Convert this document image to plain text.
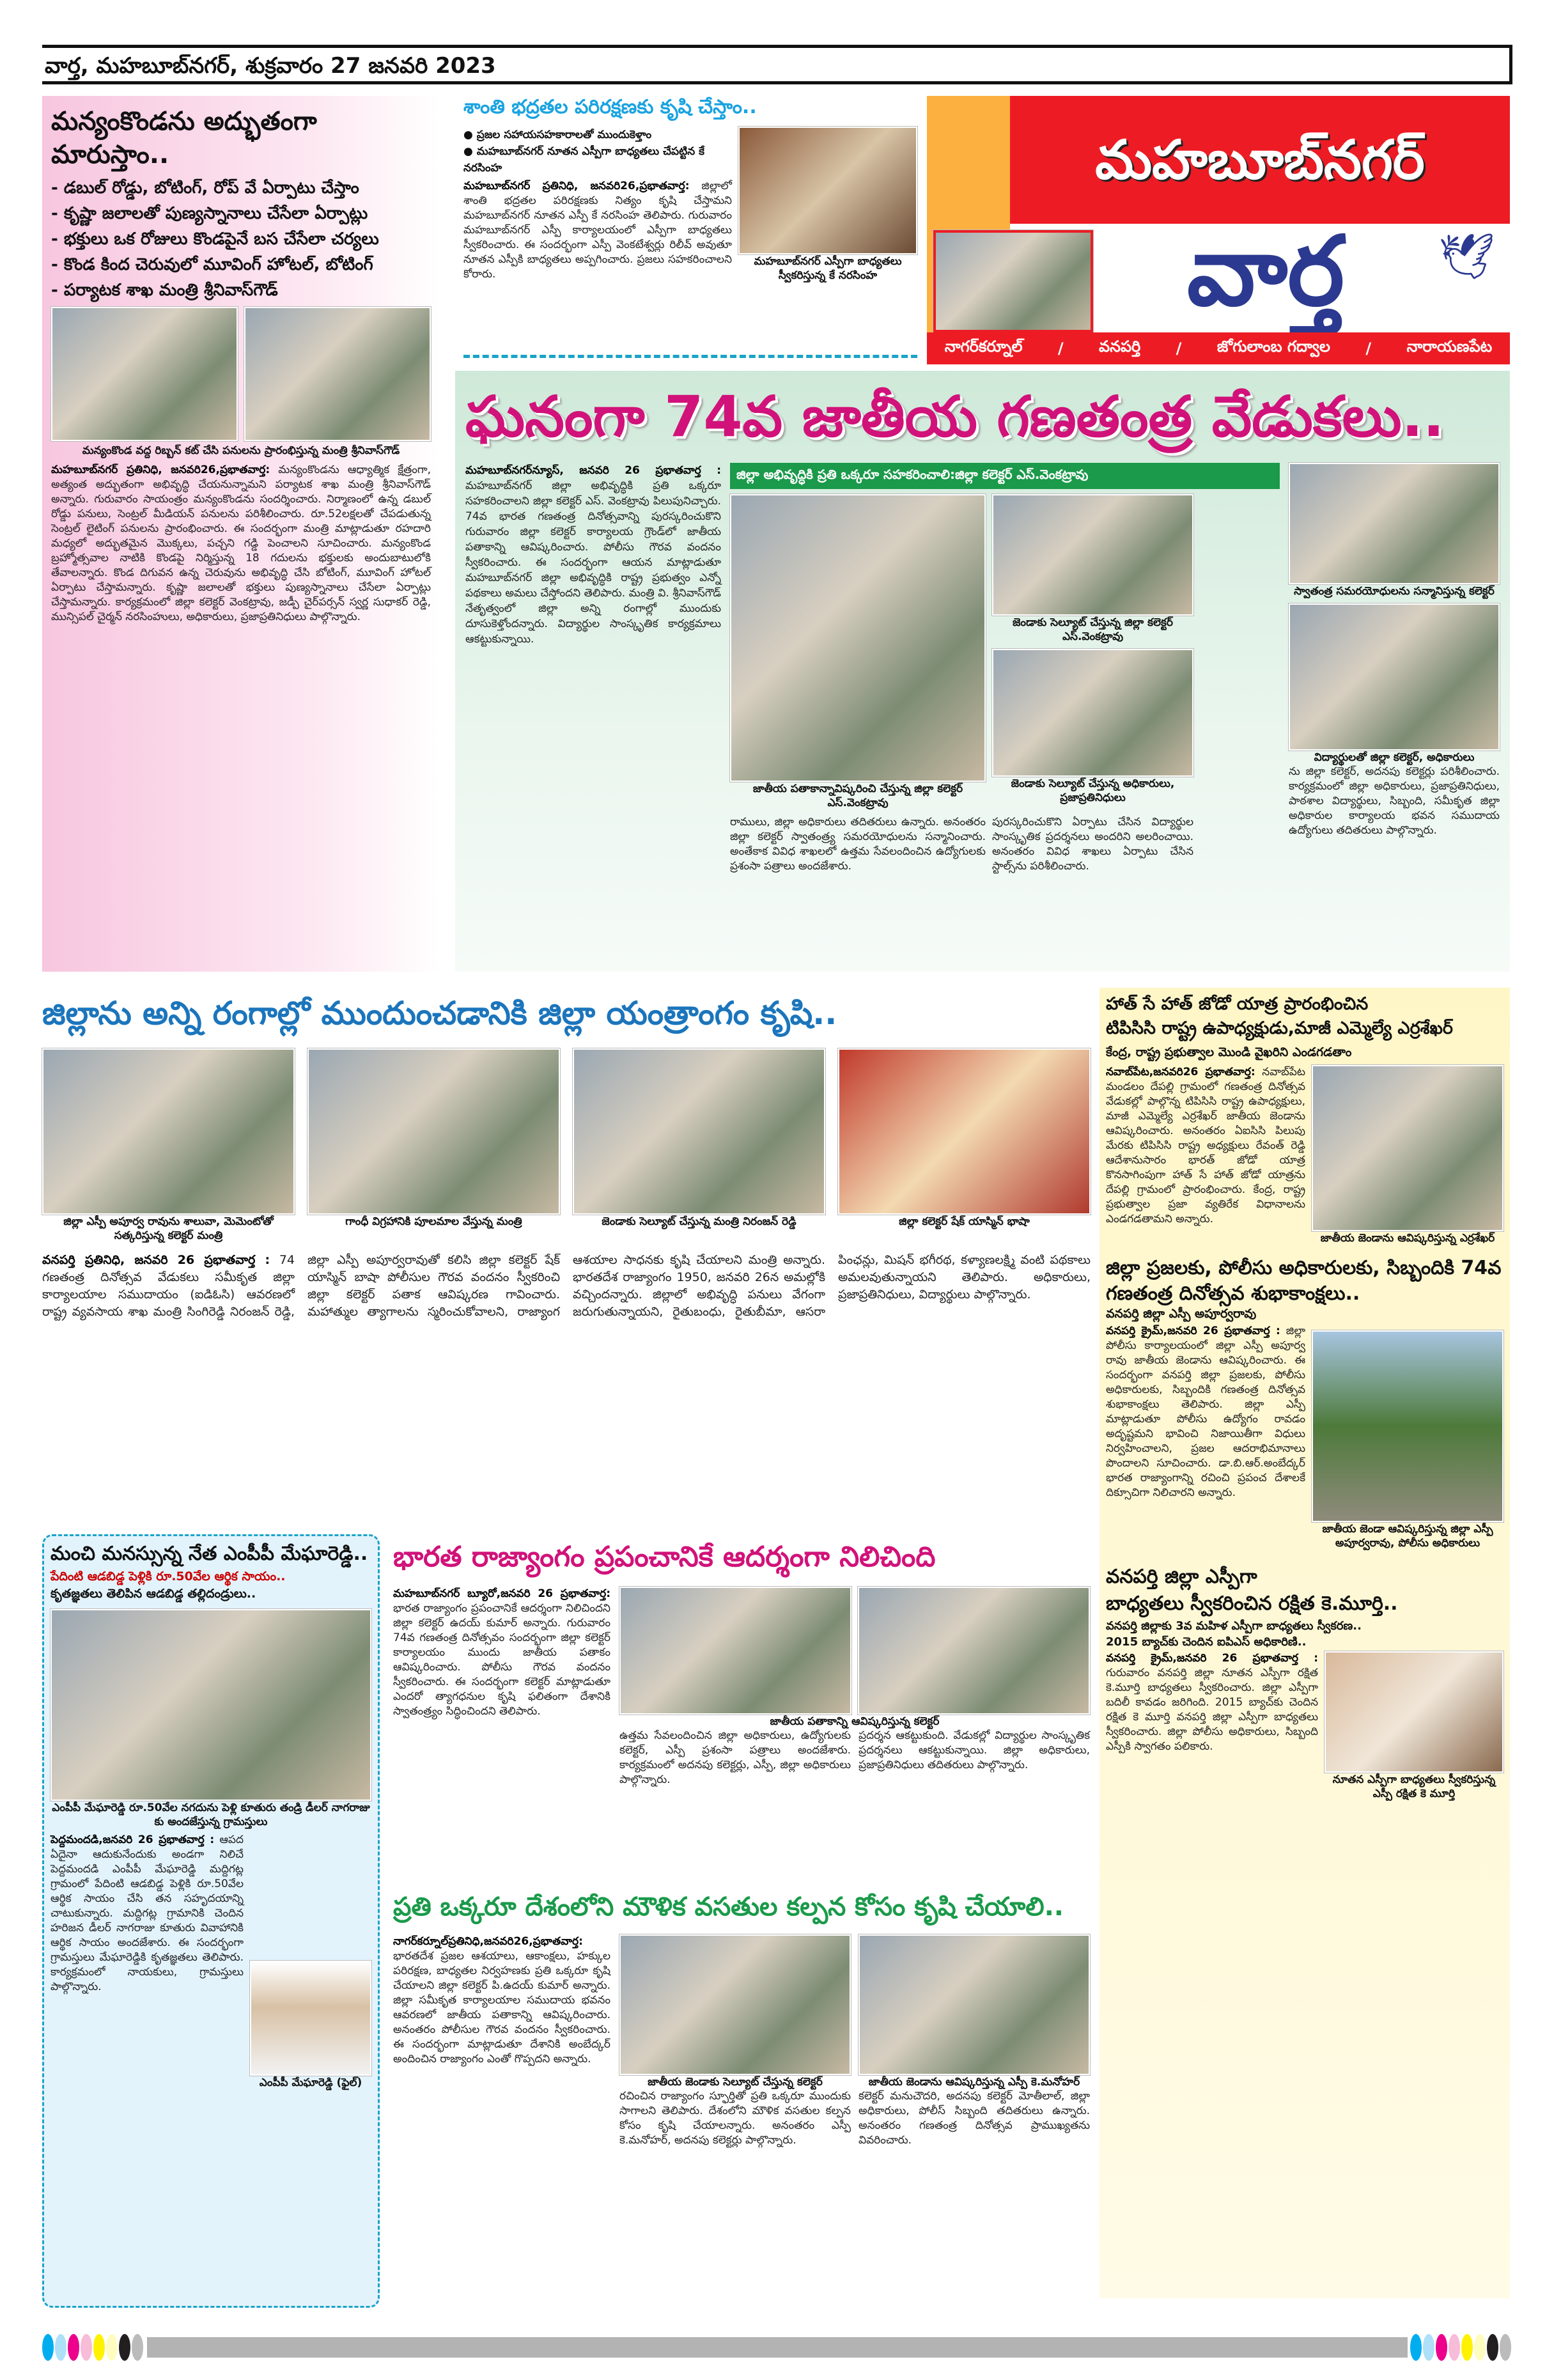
వార్త, మహబూబ్‌నగర్, శుక్రవారం 27 జనవరి 2023
మన్యంకొండను అద్భుతంగా మారుస్తాం..
- డబుల్ రోడ్డు, బోటింగ్, రోప్ వే ఏర్పాటు చేస్తాం
- కృష్ణా జలాలతో పుణ్యస్నానాలు చేసేలా ఏర్పాట్లు
- భక్తులు ఒక రోజులు కొండపైనే బస చేసేలా చర్యలు
- కొండ కింద చెరువులో మూవింగ్ హోటల్, బోటింగ్
- పర్యాటక శాఖ మంత్రి శ్రీనివాస్‌గౌడ్
మన్యంకొండ వద్ద రిబ్బన్ కట్ చేసి పనులను ప్రారంభిస్తున్న మంత్రి శ్రీనివాస్‌గౌడ్
మహబూబ్‌నగర్ ప్రతినిధి, జనవరి26,ప్రభాతవార్త: మన్యంకొండను ఆధ్యాత్మిక క్షేత్రంగా, అత్యంత అద్భుతంగా అభివృద్ధి చేయనున్నామని పర్యాటక శాఖ మంత్రి శ్రీనివాస్‌గౌడ్ అన్నారు. గురువారం సాయంత్రం మన్యంకొండను సందర్శించారు. నిర్మాణంలో ఉన్న డబుల్ రోడ్డు పనులు, సెంట్రల్ మీడియన్ పనులను పరిశీలించారు. రూ.52లక్షలతో చేపడుతున్న సెంట్రల్ లైటింగ్ పనులను ప్రారంభించారు. ఈ సందర్భంగా మంత్రి మాట్లాడుతూ రహదారి మధ్యలో అద్భుతమైన మొక్కలు, పచ్చని గడ్డి పెంచాలని సూచించారు. మన్యంకొండ బ్రహ్మోత్సవాల నాటికి కొండపై నిర్మిస్తున్న 18 గదులను భక్తులకు అందుబాటులోకి తేవాలన్నారు. కొండ దిగువన ఉన్న చెరువును అభివృద్ధి చేసి బోటింగ్, మూవింగ్ హోటల్ ఏర్పాటు చేస్తామన్నారు. కృష్ణా జలాలతో భక్తులు పుణ్యస్నానాలు చేసేలా ఏర్పాట్లు చేస్తామన్నారు. కార్యక్రమంలో జిల్లా కలెక్టర్ వెంకట్రావు, జడ్పీ చైర్‌పర్సన్ స్వర్ణ సుధాకర్ రెడ్డి, మున్సిపల్ చైర్మన్ నరసింహులు, అధికారులు, ప్రజాప్రతినిధులు పాల్గొన్నారు.
శాంతి భద్రతల పరిరక్షణకు కృషి చేస్తాం..
● ప్రజల సహాయసహకారాలతో ముందుకెళ్తాం
● మహబూబ్‌నగర్ నూతన ఎస్పీగా బాధ్యతలు చేపట్టిన కే నరసింహ
మహబూబ్‌నగర్ ప్రతినిధి, జనవరి26,ప్రభాతవార్త: జిల్లాలో శాంతి భద్రతల పరిరక్షణకు నిత్యం కృషి చేస్తామని మహబూబ్‌నగర్ నూతన ఎస్పీ కే నరసింహ తెలిపారు. గురువారం మహబూబ్‌నగర్ ఎస్పీ కార్యాలయంలో ఎస్పీగా బాధ్యతలు స్వీకరించారు. ఈ సందర్భంగా ఎస్పీ వెంకటేశ్వర్లు రిలీవ్ అవుతూ నూతన ఎస్పీకి బాధ్యతలు అప్పగించారు. ప్రజలు సహకరించాలని కోరారు.
మహబూబ్‌నగర్ ఎస్పీగా బాధ్యతలు స్వీకరిస్తున్న కే నరసింహ
మహబూబ్‌నగర్
వార్త	🕊
నాగర్‌కర్నూల్ / వనపర్తి / జోగులాంబ గద్వాల / నారాయణపేట
ఘనంగా 74వ జాతీయ గణతంత్ర వేడుకలు..
మహబూబ్‌నగర్‌న్యూస్, జనవరి 26 ప్రభాతవార్త : మహబూబ్‌నగర్ జిల్లా అభివృద్ధికి ప్రతి ఒక్కరూ సహకరించాలని జిల్లా కలెక్టర్ ఎస్. వెంకట్రావు పిలుపునిచ్చారు. 74వ భారత గణతంత్ర దినోత్సవాన్ని పురస్కరించుకొని గురువారం జిల్లా కలెక్టర్ కార్యాలయ గ్రౌండ్‌లో జాతీయ పతాకాన్ని ఆవిష్కరించారు. పోలీసు గౌరవ వందనం స్వీకరించారు. ఈ సందర్భంగా ఆయన మాట్లాడుతూ మహబూబ్‌నగర్ జిల్లా అభివృద్ధికి రాష్ట్ర ప్రభుత్వం ఎన్నో పథకాలు అమలు చేస్తోందని తెలిపారు. మంత్రి వి. శ్రీనివాస్‌గౌడ్ నేతృత్వంలో జిల్లా అన్ని రంగాల్లో ముందుకు దూసుకెళ్తోందన్నారు. విద్యార్థుల సాంస్కృతిక కార్యక్రమాలు ఆకట్టుకున్నాయి.
జిల్లా అభివృద్ధికి ప్రతి ఒక్కరూ సహకరించాలి:జిల్లా కలెక్టర్ ఎస్.వెంకట్రావు
జాతీయ పతాకాన్నావిష్కరించి చేస్తున్న జిల్లా కలెక్టర్ ఎస్.వెంకట్రావు
జెండాకు సెల్యూట్ చేస్తున్న జిల్లా కలెక్టర్ ఎస్.వెంకట్రావు
జెండాకు సెల్యూట్ చేస్తున్న అధికారులు, ప్రజాప్రతినిధులు
రాములు, జిల్లా అధికారులు తదితరులు ఉన్నారు. అనంతరం జిల్లా కలెక్టర్ స్వాతంత్ర్య సమరయోధులను సన్మానించారు. అంతేకాక వివిధ శాఖలలో ఉత్తమ సేవలందించిన ఉద్యోగులకు ప్రశంసా పత్రాలు అందజేశారు.
పురస్కరించుకొని ఏర్పాటు చేసిన విద్యార్థుల సాంస్కృతిక ప్రదర్శనలు అందరిని అలరించాయి. అనంతరం వివిధ శాఖలు ఏర్పాటు చేసిన స్టాల్స్‌ను పరిశీలించారు.
స్వాతంత్ర సమరయోధులను సన్మానిస్తున్న కలెక్టర్
విద్యార్థులతో జిల్లా కలెక్టర్, అధికారులు
ను జిల్లా కలెక్టర్, అదనపు కలెక్టర్లు పరిశీలించారు. కార్యక్రమంలో జిల్లా అధికారులు, ప్రజాప్రతినిధులు, పాఠశాల విద్యార్థులు, సిబ్బంది, సమీకృత జిల్లా అధికారుల కార్యాలయ భవన సముదాయ ఉద్యోగులు తదితరులు పాల్గొన్నారు.
జిల్లాను అన్ని రంగాల్లో ముందుంచడానికి జిల్లా యంత్రాంగం కృషి..
జిల్లా ఎస్పీ అపూర్వ రావును శాలువా, మెమెంటోతో సత్కరిస్తున్న కలెక్టర్ మంత్రి
గాంధీ విగ్రహానికి పూలమాల వేస్తున్న మంత్రి	జెండాకు సెల్యూట్ చేస్తున్న మంత్రి నిరంజన్ రెడ్డి	జిల్లా కలెక్టర్ షేక్ యాస్మిన్ భాషా
వనపర్తి ప్రతినిధి, జనవరి 26 ప్రభాతవార్త : 74 గణతంత్ర దినోత్సవ వేడుకలు సమీకృత జిల్లా కార్యాలయాల సముదాయం (ఐడిఓసి) ఆవరణలో రాష్ట్ర వ్యవసాయ శాఖ మంత్రి సింగిరెడ్డి నిరంజన్ రెడ్డి, జిల్లా ఎస్పీ అపూర్వరావుతో కలిసి జిల్లా కలెక్టర్ షేక్ యాస్మిన్ బాషా పోలీసుల గౌరవ వందనం స్వీకరించి జిల్లా కలెక్టర్ పతాక ఆవిష్కరణ గావించారు. మహాత్ముల త్యాగాలను స్మరించుకోవాలని, రాజ్యాంగ ఆశయాల సాధనకు కృషి చేయాలని మంత్రి అన్నారు. భారతదేశ రాజ్యాంగం 1950, జనవరి 26న అమల్లోకి వచ్చిందన్నారు. జిల్లాలో అభివృద్ధి పనులు వేగంగా జరుగుతున్నాయని, రైతుబంధు, రైతుబీమా, ఆసరా పింఛన్లు, మిషన్ భగీరథ, కళ్యాణలక్ష్మి వంటి పథకాలు అమలవుతున్నాయని తెలిపారు. అధికారులు, ప్రజాప్రతినిధులు, విద్యార్థులు పాల్గొన్నారు.
హాత్ సే హాత్ జోడో యాత్ర ప్రారంభించిన
టిపిసిసి రాష్ట్ర ఉపాధ్యక్షుడు,మాజీ ఎమ్మెల్యే ఎర్రశేఖర్
కేంద్ర, రాష్ట్ర ప్రభుత్వాల మొండి వైఖరిని ఎండగడతాం
నవాబ్‌పేట,జనవరి26 ప్రభాతవార్త: నవాబ్‌పేట మండలం దేపల్లి గ్రామంలో గణతంత్ర దినోత్సవ వేడుకల్లో పాల్గొన్న టిపిసిసి రాష్ట్ర ఉపాధ్యక్షులు, మాజీ ఎమ్మెల్యే ఎర్రశేఖర్ జాతీయ జెండాను ఆవిష్కరించారు. అనంతరం ఏఐసిసి పిలుపు మేరకు టిపిసిసి రాష్ట్ర అధ్యక్షులు రేవంత్ రెడ్డి ఆదేశానుసారం భారత్ జోడో యాత్ర కొనసాగింపుగా హాత్ సే హాత్ జోడో యాత్రను దేపల్లి గ్రామంలో ప్రారంభించారు. కేంద్ర, రాష్ట్ర ప్రభుత్వాల ప్రజా వ్యతిరేక విధానాలను ఎండగడతామని అన్నారు.
జాతీయ జెండాను ఆవిష్కరిస్తున్న ఎర్రశేఖర్
జిల్లా ప్రజలకు, పోలీసు అధికారులకు, సిబ్బందికి 74వ గణతంత్ర దినోత్సవ శుభాకాంక్షలు..
వనపర్తి జిల్లా ఎస్పీ అపూర్వరావు
వనపర్తి క్రైమ్,జనవరి 26 ప్రభాతవార్త : జిల్లా పోలీసు కార్యాలయంలో జిల్లా ఎస్పీ అపూర్వ రావు జాతీయ జెండాను ఆవిష్కరించారు. ఈ సందర్భంగా వనపర్తి జిల్లా ప్రజలకు, పోలీసు అధికారులకు, సిబ్బందికి గణతంత్ర దినోత్సవ శుభాకాంక్షలు తెలిపారు. జిల్లా ఎస్పీ మాట్లాడుతూ పోలీసు ఉద్యోగం రావడం అదృష్టమని భావించి నిజాయితీగా విధులు నిర్వహించాలని, ప్రజల ఆదరాభిమానాలు పొందాలని సూచించారు. డా.బి.ఆర్.అంబేద్కర్ భారత రాజ్యాంగాన్ని రచించి ప్రపంచ దేశాలకే దిక్సూచిగా నిలిచారని అన్నారు.
జాతీయ జెండా ఆవిష్కరిస్తున్న జిల్లా ఎస్పీ అపూర్వరావు, పోలీసు అధికారులు
వనపర్తి జిల్లా ఎస్పీగా
బాధ్యతలు స్వీకరించిన రక్షిత కె.మూర్తి..
వనపర్తి జిల్లాకు 3వ మహిళ ఎస్పీగా బాధ్యతలు స్వీకరణ..
2015 బ్యాచ్‌కు చెందిన ఐపిఎస్ అధికారిణి..
వనపర్తి క్రైమ్,జనవరి 26 ప్రభాతవార్త : గురువారం వనపర్తి జిల్లా నూతన ఎస్పీగా రక్షిత కె.మూర్తి బాధ్యతలు స్వీకరించారు. జిల్లా ఎస్పీగా బదిలీ కావడం జరిగింది. 2015 బ్యాచ్‌కు చెందిన రక్షిత కె మూర్తి వనపర్తి జిల్లా ఎస్పీగా బాధ్యతలు స్వీకరించారు. జిల్లా పోలీసు అధికారులు, సిబ్బంది ఎస్పీకి స్వాగతం పలికారు.
నూతన ఎస్పీగా బాధ్యతలు స్వీకరిస్తున్న ఎస్పీ రక్షిత కె మూర్తి
మంచి మనస్సున్న నేత ఎంపీపీ మేఘారెడ్డి..
పేదింటి ఆడబిడ్డ పెళ్లికి రూ.50వేల ఆర్థిక సాయం..
కృతజ్ఞతలు తెలిపిన ఆడబిడ్డ తల్లిదండ్రులు..
ఎంపీపీ మేఘారెడ్డి రూ.50వేల నగదును పెళ్లి కూతురు తండ్రి డీలర్ నాగరాజు కు అందజేస్తున్న గ్రామస్తులు
పెద్దమందడి,జనవరి 26 ప్రభాతవార్త : ఆపద ఏదైనా ఆదుకునేందుకు అండగా నిలిచే పెద్దమందడి ఎంపీపీ మేఘారెడ్డి మద్దిగట్ల గ్రామంలో పేదింటి ఆడబిడ్డ పెళ్లికి రూ.50వేల ఆర్థిక సాయం చేసి తన సహృదయాన్ని చాటుకున్నారు. మద్దిగట్ల గ్రామానికి చెందిన హరిజన డీలర్ నాగరాజు కూతురు వివాహానికి ఆర్థిక సాయం అందజేశారు. ఈ సందర్భంగా గ్రామస్తులు మేఘారెడ్డికి కృతజ్ఞతలు తెలిపారు. కార్యక్రమంలో నాయకులు, గ్రామస్తులు పాల్గొన్నారు.
ఎంపీపీ మేఘారెడ్డి (ఫైల్)
భారత రాజ్యాంగం ప్రపంచానికే ఆదర్శంగా నిలిచింది
మహబూబ్‌నగర్ బ్యూరో,జనవరి 26 ప్రభాతవార్త: భారత రాజ్యాంగం ప్రపంచానికే ఆదర్శంగా నిలిచిందని జిల్లా కలెక్టర్ ఉదయ్ కుమార్ అన్నారు. గురువారం 74వ గణతంత్ర దినోత్సవం సందర్భంగా జిల్లా కలెక్టర్ కార్యాలయం ముందు జాతీయ పతాకం ఆవిష్కరించారు. పోలీసు గౌరవ వందనం స్వీకరించారు. ఈ సందర్భంగా కలెక్టర్ మాట్లాడుతూ ఎందరో త్యాగధనుల కృషి ఫలితంగా దేశానికి స్వాతంత్ర్యం సిద్ధించిందని తెలిపారు.
జాతీయ పతాకాన్ని ఆవిష్కరిస్తున్న కలెక్టర్
ఉత్తమ సేవలందించిన జిల్లా అధికారులు, ఉద్యోగులకు కలెక్టర్, ఎస్పీ ప్రశంసా పత్రాలు అందజేశారు. కార్యక్రమంలో అదనపు కలెక్టర్లు, ఎస్పీ, జిల్లా అధికారులు పాల్గొన్నారు.
ప్రదర్శన ఆకట్టుకుంది. వేడుకల్లో విద్యార్థుల సాంస్కృతిక ప్రదర్శనలు ఆకట్టుకున్నాయి. జిల్లా అధికారులు, ప్రజాప్రతినిధులు తదితరులు పాల్గొన్నారు.
ప్రతి ఒక్కరూ దేశంలోని మౌళిక వసతుల కల్పన కోసం కృషి చేయాలి..
నాగర్‌కర్నూల్‌ప్రతినిధి,జనవరి26,ప్రభాతవార్త: భారతదేశ ప్రజల ఆశయాలు, ఆకాంక్షలు, హక్కుల పరిరక్షణ, బాధ్యతల నిర్వహణకు ప్రతి ఒక్కరూ కృషి చేయాలని జిల్లా కలెక్టర్ పి.ఉదయ్ కుమార్ అన్నారు. జిల్లా సమీకృత కార్యాలయాల సముదాయ భవనం ఆవరణలో జాతీయ పతాకాన్ని ఆవిష్కరించారు. అనంతరం పోలీసుల గౌరవ వందనం స్వీకరించారు. ఈ సందర్భంగా మాట్లాడుతూ దేశానికి అంబేద్కర్ అందించిన రాజ్యాంగం ఎంతో గొప్పదని అన్నారు.
జాతీయ జెండాకు సెల్యూట్ చేస్తున్న కలెక్టర్	జాతీయ జెండాను ఆవిష్కరిస్తున్న ఎస్పీ కె.మనోహర్
రచించిన రాజ్యాంగం స్ఫూర్తితో ప్రతి ఒక్కరూ ముందుకు సాగాలని తెలిపారు. దేశంలోని మౌళిక వసతుల కల్పన కోసం కృషి చేయాలన్నారు. అనంతరం ఎస్పీ కె.మనోహర్, అదనపు కలెక్టర్లు పాల్గొన్నారు.
కలెక్టర్ మనుచౌదరి, అదనపు కలెక్టర్ మోతీలాల్, జిల్లా అధికారులు, పోలీస్ సిబ్బంది తదితరులు ఉన్నారు. అనంతరం గణతంత్ర దినోత్సవ ప్రాముఖ్యతను వివరించారు.
